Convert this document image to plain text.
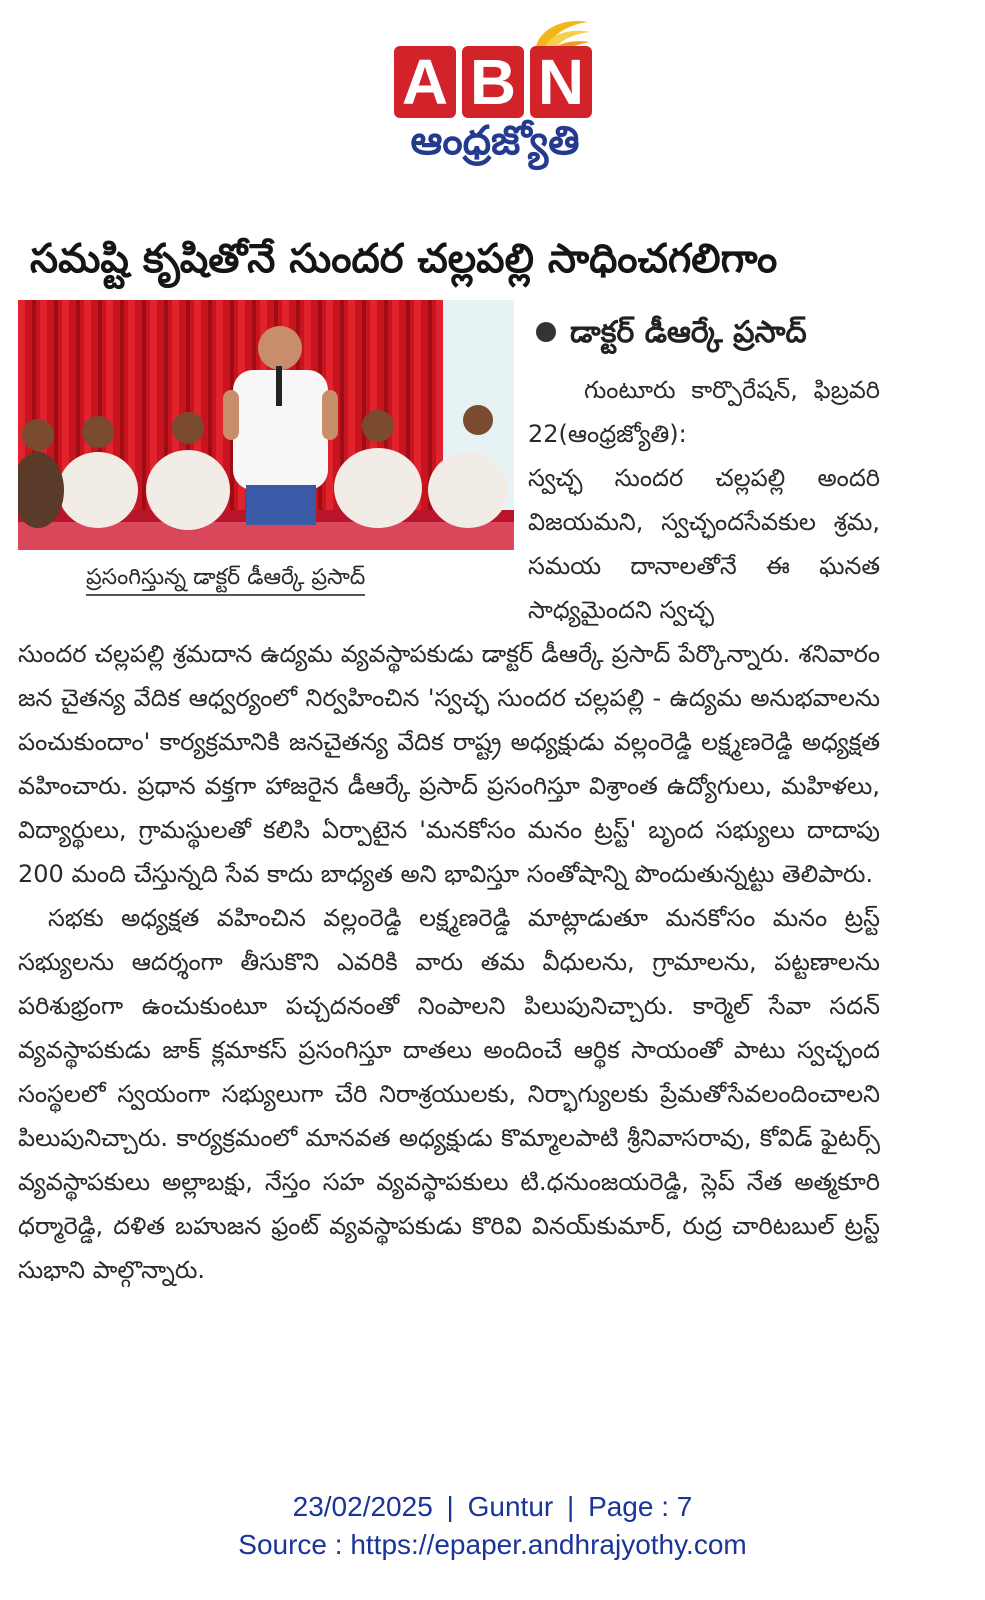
A B N
ఆంధ్రజ్యోతి
సమష్టి కృషితోనే సుందర చల్లపల్లి సాధించగలిగాం
ప్రసంగిస్తున్న డాక్టర్ డీఆర్కే ప్రసాద్
డాక్టర్ డీఆర్కే ప్రసాద్

గుంటూరు కార్పొరేషన్, ఫిబ్రవరి 22(ఆంధ్రజ్యోతి):

స్వచ్ఛ సుందర చల్లపల్లి అందరి విజయమని, స్వచ్ఛందసేవకుల శ్రమ, సమయ దానాలతోనే ఈ ఘనత సాధ్యమైందని స్వచ్ఛ

సుందర చల్లపల్లి శ్రమదాన ఉద్యమ వ్యవస్థాపకుడు డాక్టర్ డీఆర్కే ప్రసాద్ పేర్కొన్నారు. శనివారం జన చైతన్య వేదిక ఆధ్వర్యంలో నిర్వహించిన 'స్వచ్ఛ సుందర చల్లపల్లి - ఉద్యమ అనుభవాలను పంచుకుందాం' కార్యక్రమానికి జనచైతన్య వేదిక రాష్ట్ర అధ్యక్షుడు వల్లంరెడ్డి లక్ష్మణరెడ్డి అధ్యక్షత వహించారు. ప్రధాన వక్తగా హాజరైన డీఆర్కే ప్రసాద్ ప్రసంగిస్తూ విశ్రాంత ఉద్యోగులు, మహిళలు, విద్యార్థులు, గ్రామస్థులతో కలిసి ఏర్పాటైన 'మనకోసం మనం ట్రస్ట్' బృంద సభ్యులు దాదాపు 200 మంది చేస్తున్నది సేవ కాదు బాధ్యత అని భావిస్తూ సంతోషాన్ని పొందుతున్నట్టు తెలిపారు.

సభకు అధ్యక్షత వహించిన వల్లంరెడ్డి లక్ష్మణరెడ్డి మాట్లాడుతూ మనకోసం మనం ట్రస్ట్ సభ్యులను ఆదర్శంగా తీసుకొని ఎవరికి వారు తమ వీధులను, గ్రామాలను, పట్టణాలను పరిశుభ్రంగా ఉంచుకుంటూ పచ్చదనంతో నింపాలని పిలుపునిచ్చారు. కార్మెల్ సేవా సదన్ వ్యవస్థాపకుడు జాక్ క్లమాకస్ ప్రసంగిస్తూ దాతలు అందించే ఆర్థిక సాయంతో పాటు స్వచ్ఛంద సంస్థలలో స్వయంగా సభ్యులుగా చేరి నిరాశ్రయులకు, నిర్భాగ్యులకు ప్రేమతోసేవలందించాలని పిలుపునిచ్చారు. కార్యక్రమంలో మానవత అధ్యక్షుడు కొమ్మాలపాటి శ్రీనివాసరావు, కోవిడ్ ఫైటర్స్ వ్యవస్థాపకులు అల్లాబక్షు, నేస్తం సహ వ్యవస్థాపకులు టి.ధనుంజయరెడ్డి, స్లెప్ నేత అత్మకూరి ధర్మారెడ్డి, దళిత బహుజన ఫ్రంట్ వ్యవస్థాపకుడు కొరివి వినయ్‌కుమార్, రుద్ర చారిటబుల్ ట్రస్ట్ సుభాని పాల్గొన్నారు.

23/02/2025 | Guntur | Page : 7
Source : https://epaper.andhrajyothy.com
